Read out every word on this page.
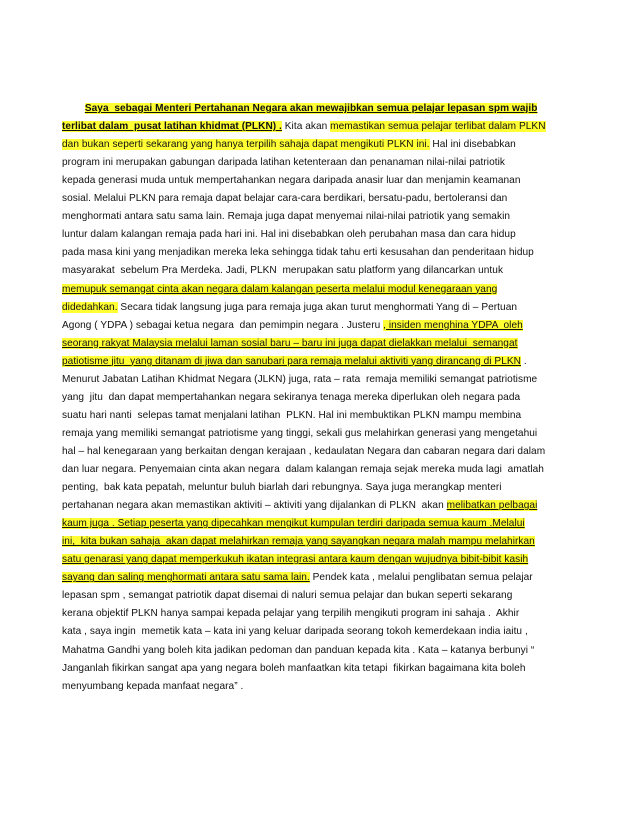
Saya  sebagai Menteri Pertahanan Negara akan mewajibkan semua pelajar lepasan spm wajib
terlibat dalam  pusat latihan khidmat (PLKN) . Kita akan memastikan semua pelajar terlibat dalam PLKN
dan bukan seperti sekarang yang hanya terpilih sahaja dapat mengikuti PLKN ini. Hal ini disebabkan
program ini merupakan gabungan daripada latihan ketenteraan dan penanaman nilai-nilai patriotik
kepada generasi muda untuk mempertahankan negara daripada anasir luar dan menjamin keamanan
sosial. Melalui PLKN para remaja dapat belajar cara-cara berdikari, bersatu-padu, bertoleransi dan
menghormati antara satu sama lain. Remaja juga dapat menyemai nilai-nilai patriotik yang semakin
luntur dalam kalangan remaja pada hari ini. Hal ini disebabkan oleh perubahan masa dan cara hidup
pada masa kini yang menjadikan mereka leka sehingga tidak tahu erti kesusahan dan penderitaan hidup
masyarakat  sebelum Pra Merdeka. Jadi, PLKN  merupakan satu platform yang dilancarkan untuk
memupuk semangat cinta akan negara dalam kalangan peserta melalui modul kenegaraan yang
didedahkan. Secara tidak langsung juga para remaja juga akan turut menghormati Yang di – Pertuan
Agong ( YDPA ) sebagai ketua negara  dan pemimpin negara . Justeru , insiden menghina YDPA  oleh
seorang rakyat Malaysia melalui laman sosial baru – baru ini juga dapat dielakkan melalui  semangat
patiotisme jitu  yang ditanam di jiwa dan sanubari para remaja melalui aktiviti yang dirancang di PLKN .
Menurut Jabatan Latihan Khidmat Negara (JLKN) juga, rata – rata  remaja memiliki semangat patriotisme
yang  jitu  dan dapat mempertahankan negara sekiranya tenaga mereka diperlukan oleh negara pada
suatu hari nanti  selepas tamat menjalani latihan  PLKN. Hal ini membuktikan PLKN mampu membina
remaja yang memiliki semangat patriotisme yang tinggi, sekali gus melahirkan generasi yang mengetahui
hal – hal kenegaraan yang berkaitan dengan kerajaan , kedaulatan Negara dan cabaran negara dari dalam
dan luar negara. Penyemaian cinta akan negara  dalam kalangan remaja sejak mereka muda lagi  amatlah
penting,  bak kata pepatah, meluntur buluh biarlah dari rebungnya. Saya juga merangkap menteri
pertahanan negara akan memastikan aktiviti – aktiviti yang dijalankan di PLKN  akan melibatkan pelbagai
kaum juga . Setiap peserta yang dipecahkan mengikut kumpulan terdiri daripada semua kaum .Melalui
ini,  kita bukan sahaja  akan dapat melahirkan remaja yang sayangkan negara malah mampu melahirkan
satu genarasi yang dapat memperkukuh ikatan integrasi antara kaum dengan wujudnya bibit-bibit kasih
sayang dan saling menghormati antara satu sama lain. Pendek kata , melalui penglibatan semua pelajar
lepasan spm , semangat patriotik dapat disemai di naluri semua pelajar dan bukan seperti sekarang
kerana objektif PLKN hanya sampai kepada pelajar yang terpilih mengikuti program ini sahaja .  Akhir
kata , saya ingin  memetik kata – kata ini yang keluar daripada seorang tokoh kemerdekaan india iaitu ,
Mahatma Gandhi yang boleh kita jadikan pedoman dan panduan kepada kita . Kata – katanya berbunyi “
Janganlah fikirkan sangat apa yang negara boleh manfaatkan kita tetapi  fikirkan bagaimana kita boleh
menyumbang kepada manfaat negara” .
